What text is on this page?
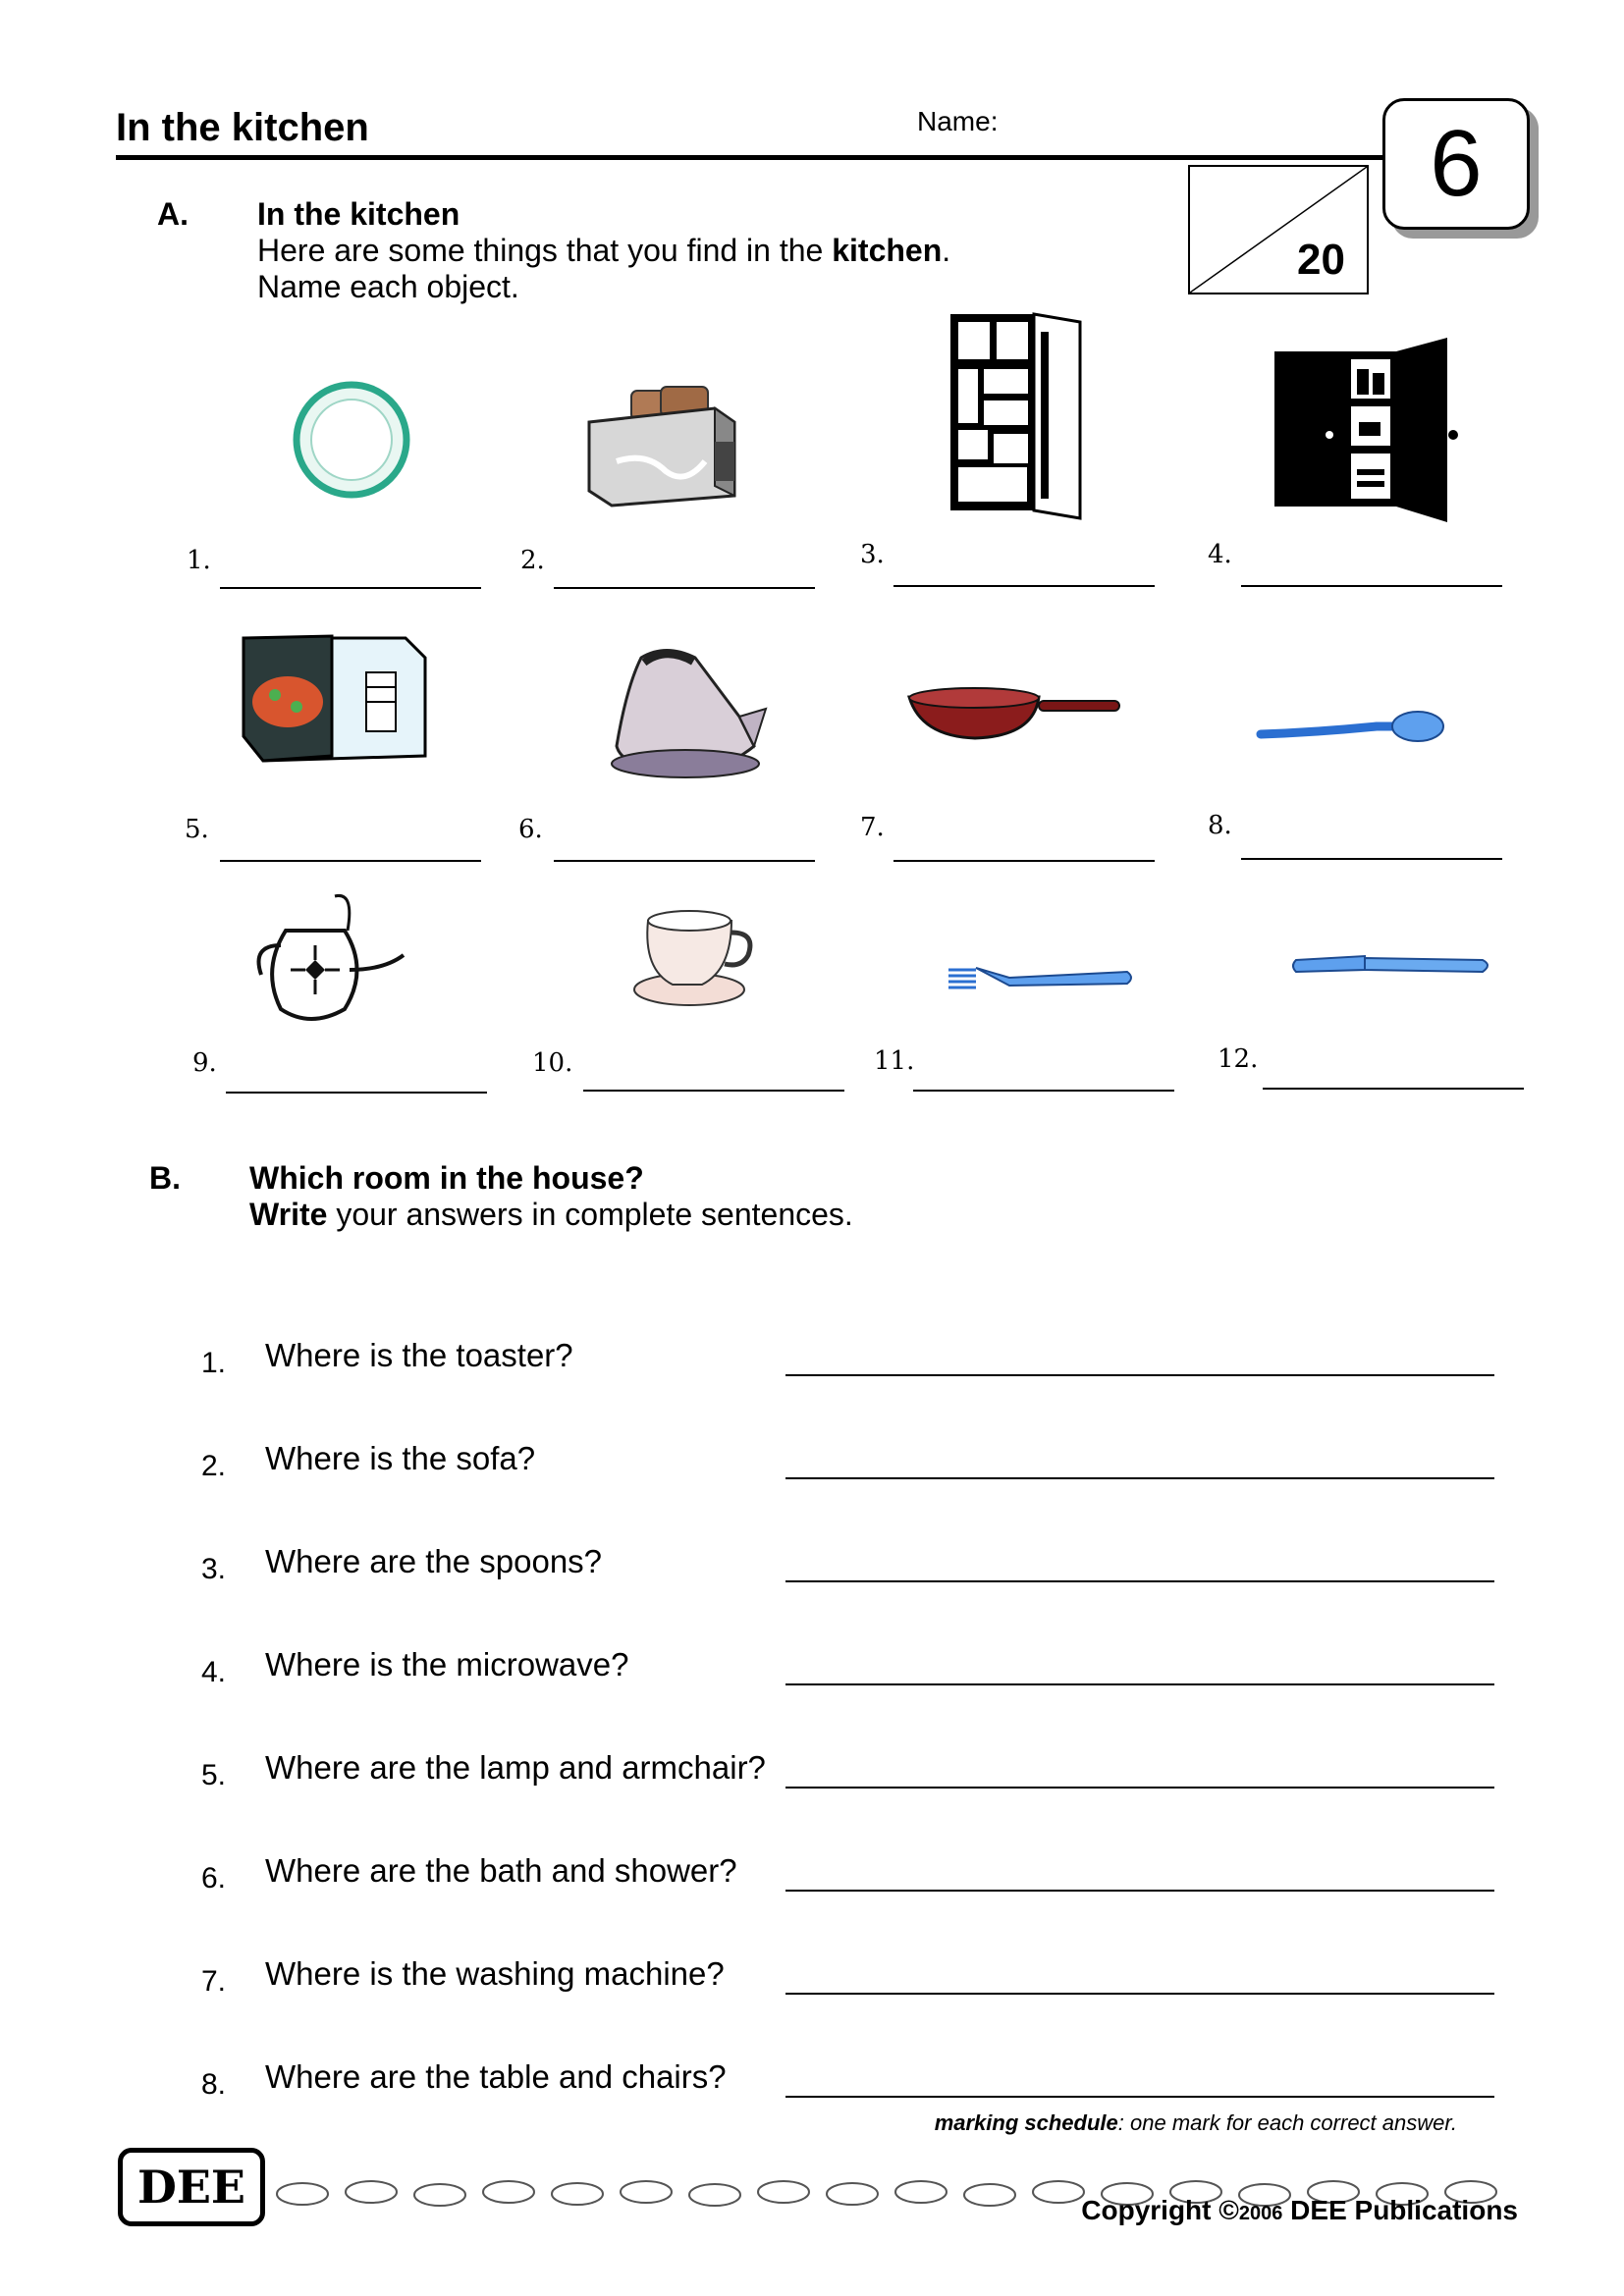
In the kitchen	Name:	6
20
A. In the kitchen
Here are some things that you find in the kitchen.
Name each object.
1.	2.	3.	4.
5.	6.	7.	8.
9.	10.	11.	12.
B. Which room in the house?
Write your answers in complete sentences.
1. Where is the toaster?
2. Where is the sofa?
3. Where are the spoons?
4. Where is the microwave?
5. Where are the lamp and armchair?
6. Where are the bath and shower?
7. Where is the washing machine?
8. Where are the table and chairs?
marking schedule: one mark for each correct answer.
DEE	Copyright ©2006 DEE Publications
